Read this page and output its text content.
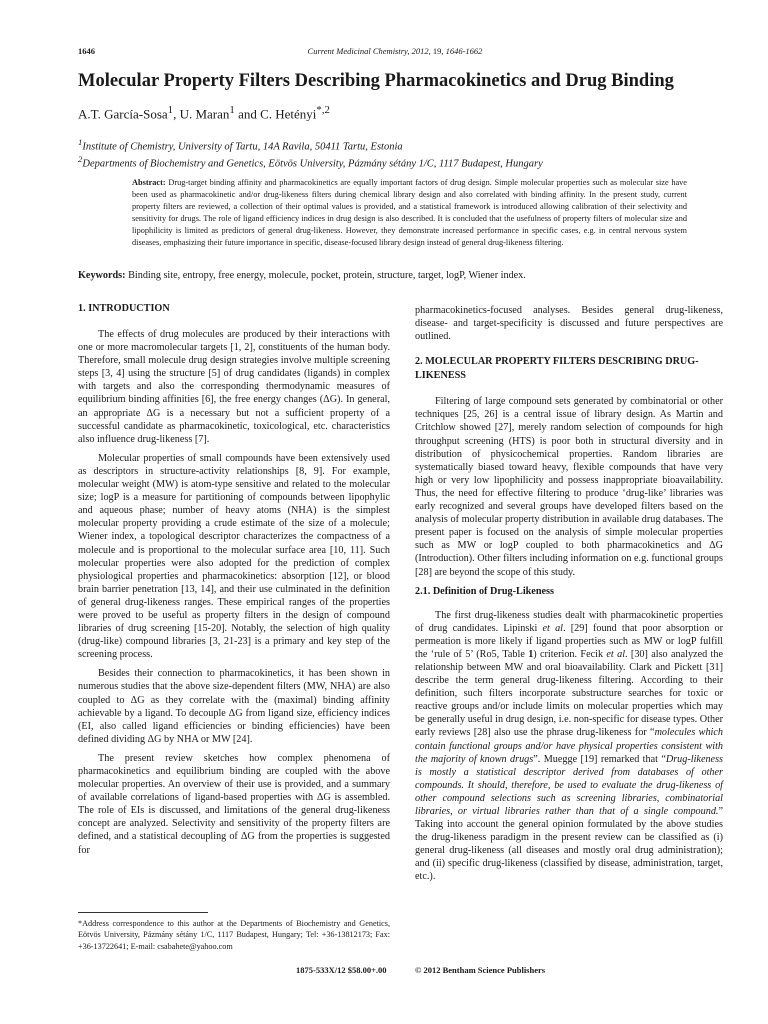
1646	Current Medicinal Chemistry, 2012, 19, 1646-1662
Molecular Property Filters Describing Pharmacokinetics and Drug Binding
A.T. García-Sosa$^1$, U. Maran$^1$ and C. Hetényi$^{*,2}$
$^1$Institute of Chemistry, University of Tartu, 14A Ravila, 50411 Tartu, Estonia
$^2$Departments of Biochemistry and Genetics, Eötvös University, Pázmány sétány 1/C, 1117 Budapest, Hungary
Abstract: Drug-target binding affinity and pharmacokinetics are equally important factors of drug design. Simple molecular properties such as molecular size have been used as pharmacokinetic and/or drug-likeness filters during chemical library design and also correlated with binding affinity. In the present study, current property filters are reviewed, a collection of their optimal values is provided, and a statistical framework is introduced allowing calibration of their selectivity and sensitivity for drugs. The role of ligand efficiency indices in drug design is also described. It is concluded that the usefulness of property filters of molecular size and lipophilicity is limited as predictors of general drug-likeness. However, they demonstrate increased performance in specific cases, e.g. in central nervous system diseases, emphasizing their future importance in specific, disease-focused library design instead of general drug-likeness filtering.
Keywords: Binding site, entropy, free energy, molecule, pocket, protein, structure, target, logP, Wiener index.
1. INTRODUCTION

The effects of drug molecules are produced by their interactions with one or more macromolecular targets [1, 2], constituents of the human body. Therefore, small molecule drug design strategies involve multiple screening steps [3, 4] using the structure [5] of drug candidates (ligands) in complex with targets and also the corresponding thermodynamic measures of equilibrium binding affinities [6], the free energy changes (ΔG). In general, an appropriate ΔG is a necessary but not a sufficient property of a successful candidate as pharmacokinetic, toxicological, etc. characteristics also influence drug-likeness [7].

Molecular properties of small compounds have been extensively used as descriptors in structure-activity relationships [8, 9]. For example, molecular weight (MW) is atom-type sensitive and related to the molecular size; logP is a measure for partitioning of compounds between lipophylic and aqueous phase; number of heavy atoms (NHA) is the simplest molecular property providing a crude estimate of the size of a molecule; Wiener index, a topological descriptor characterizes the compactness of a molecule and is proportional to the molecular surface area [10, 11]. Such molecular properties were also adopted for the prediction of complex physiological properties and pharmacokinetics: absorption [12], or blood brain barrier penetration [13, 14], and their use culminated in the definition of general drug-likeness ranges. These empirical ranges of the properties were proved to be useful as property filters in the design of compound libraries of drug screening [15-20]. Notably, the selection of high quality (drug-like) compound libraries [3, 21-23] is a primary and key step of the screening process.

Besides their connection to pharmacokinetics, it has been shown in numerous studies that the above size-dependent filters (MW, NHA) are also coupled to ΔG as they correlate with the (maximal) binding affinity achievable by a ligand. To decouple ΔG from ligand size, efficiency indices (EI, also called ligand efficiencies or binding efficiencies) have been defined dividing ΔG by NHA or MW [24].

The present review sketches how complex phenomena of pharmacokinetics and equilibrium binding are coupled with the above molecular properties. An overview of their use is provided, and a summary of available correlations of ligand-based properties with ΔG is assembled. The role of EIs is discussed, and limitations of the general drug-likeness concept are analyzed. Selectivity and sensitivity of the property filters are defined, and a statistical decoupling of ΔG from the properties is suggested for

*Address correspondence to this author at the Departments of Biochemistry and Genetics, Eötvös University, Pázmány sétány 1/C, 1117 Budapest, Hungary; Tel: +36-13812173; Fax: +36-13722641; E-mail: csabahete@yahoo.com

pharmacokinetics-focused analyses. Besides general drug-likeness, disease- and target-specificity is discussed and future perspectives are outlined.

2. MOLECULAR PROPERTY FILTERS DESCRIBING DRUG-LIKENESS

Filtering of large compound sets generated by combinatorial or other techniques [25, 26] is a central issue of library design. As Martin and Critchlow showed [27], merely random selection of compounds for high throughput screening (HTS) is poor both in structural diversity and in distribution of physicochemical properties. Random libraries are systematically biased toward heavy, flexible compounds that have very high or very low lipophilicity and possess inappropriate bioavailability. Thus, the need for effective filtering to produce ‘drug-like’ libraries was early recognized and several groups have developed filters based on the analysis of molecular property distribution in available drug databases. The present paper is focused on the analysis of simple molecular properties such as MW or logP coupled to both pharmacokinetics and ΔG (Introduction). Other filters including information on e.g. functional groups [28] are beyond the scope of this study.

2.1. Definition of Drug-Likeness

The first drug-likeness studies dealt with pharmacokinetic properties of drug candidates. Lipinski et al. [29] found that poor absorption or permeation is more likely if ligand properties such as MW or logP fulfill the ‘rule of 5’ (Ro5, Table 1) criterion. Fecik et al. [30] also analyzed the relationship between MW and oral bioavailability. Clark and Pickett [31] describe the term general drug-likeness filtering. According to their definition, such filters incorporate substructure searches for toxic or reactive groups and/or include limits on molecular properties which may be generally useful in drug design, i.e. non-specific for disease types. Other early reviews [28] also use the phrase drug-likeness for “molecules which contain functional groups and/or have physical properties consistent with the majority of known drugs”. Muegge [19] remarked that “Drug-likeness is mostly a statistical descriptor derived from databases of other compounds. It should, therefore, be used to evaluate the drug-likeness of other compound selections such as screening libraries, combinatorial libraries, or virtual libraries rather than that of a single compound.” Taking into account the general opinion formulated by the above studies the drug-likeness paradigm in the present review can be classified as (i) general drug-likeness (all diseases and mostly oral drug administration); and (ii) specific drug-likeness (classified by disease, administration, target, etc.).

1875-533X/12 $58.00+.00	© 2012 Bentham Science Publishers
